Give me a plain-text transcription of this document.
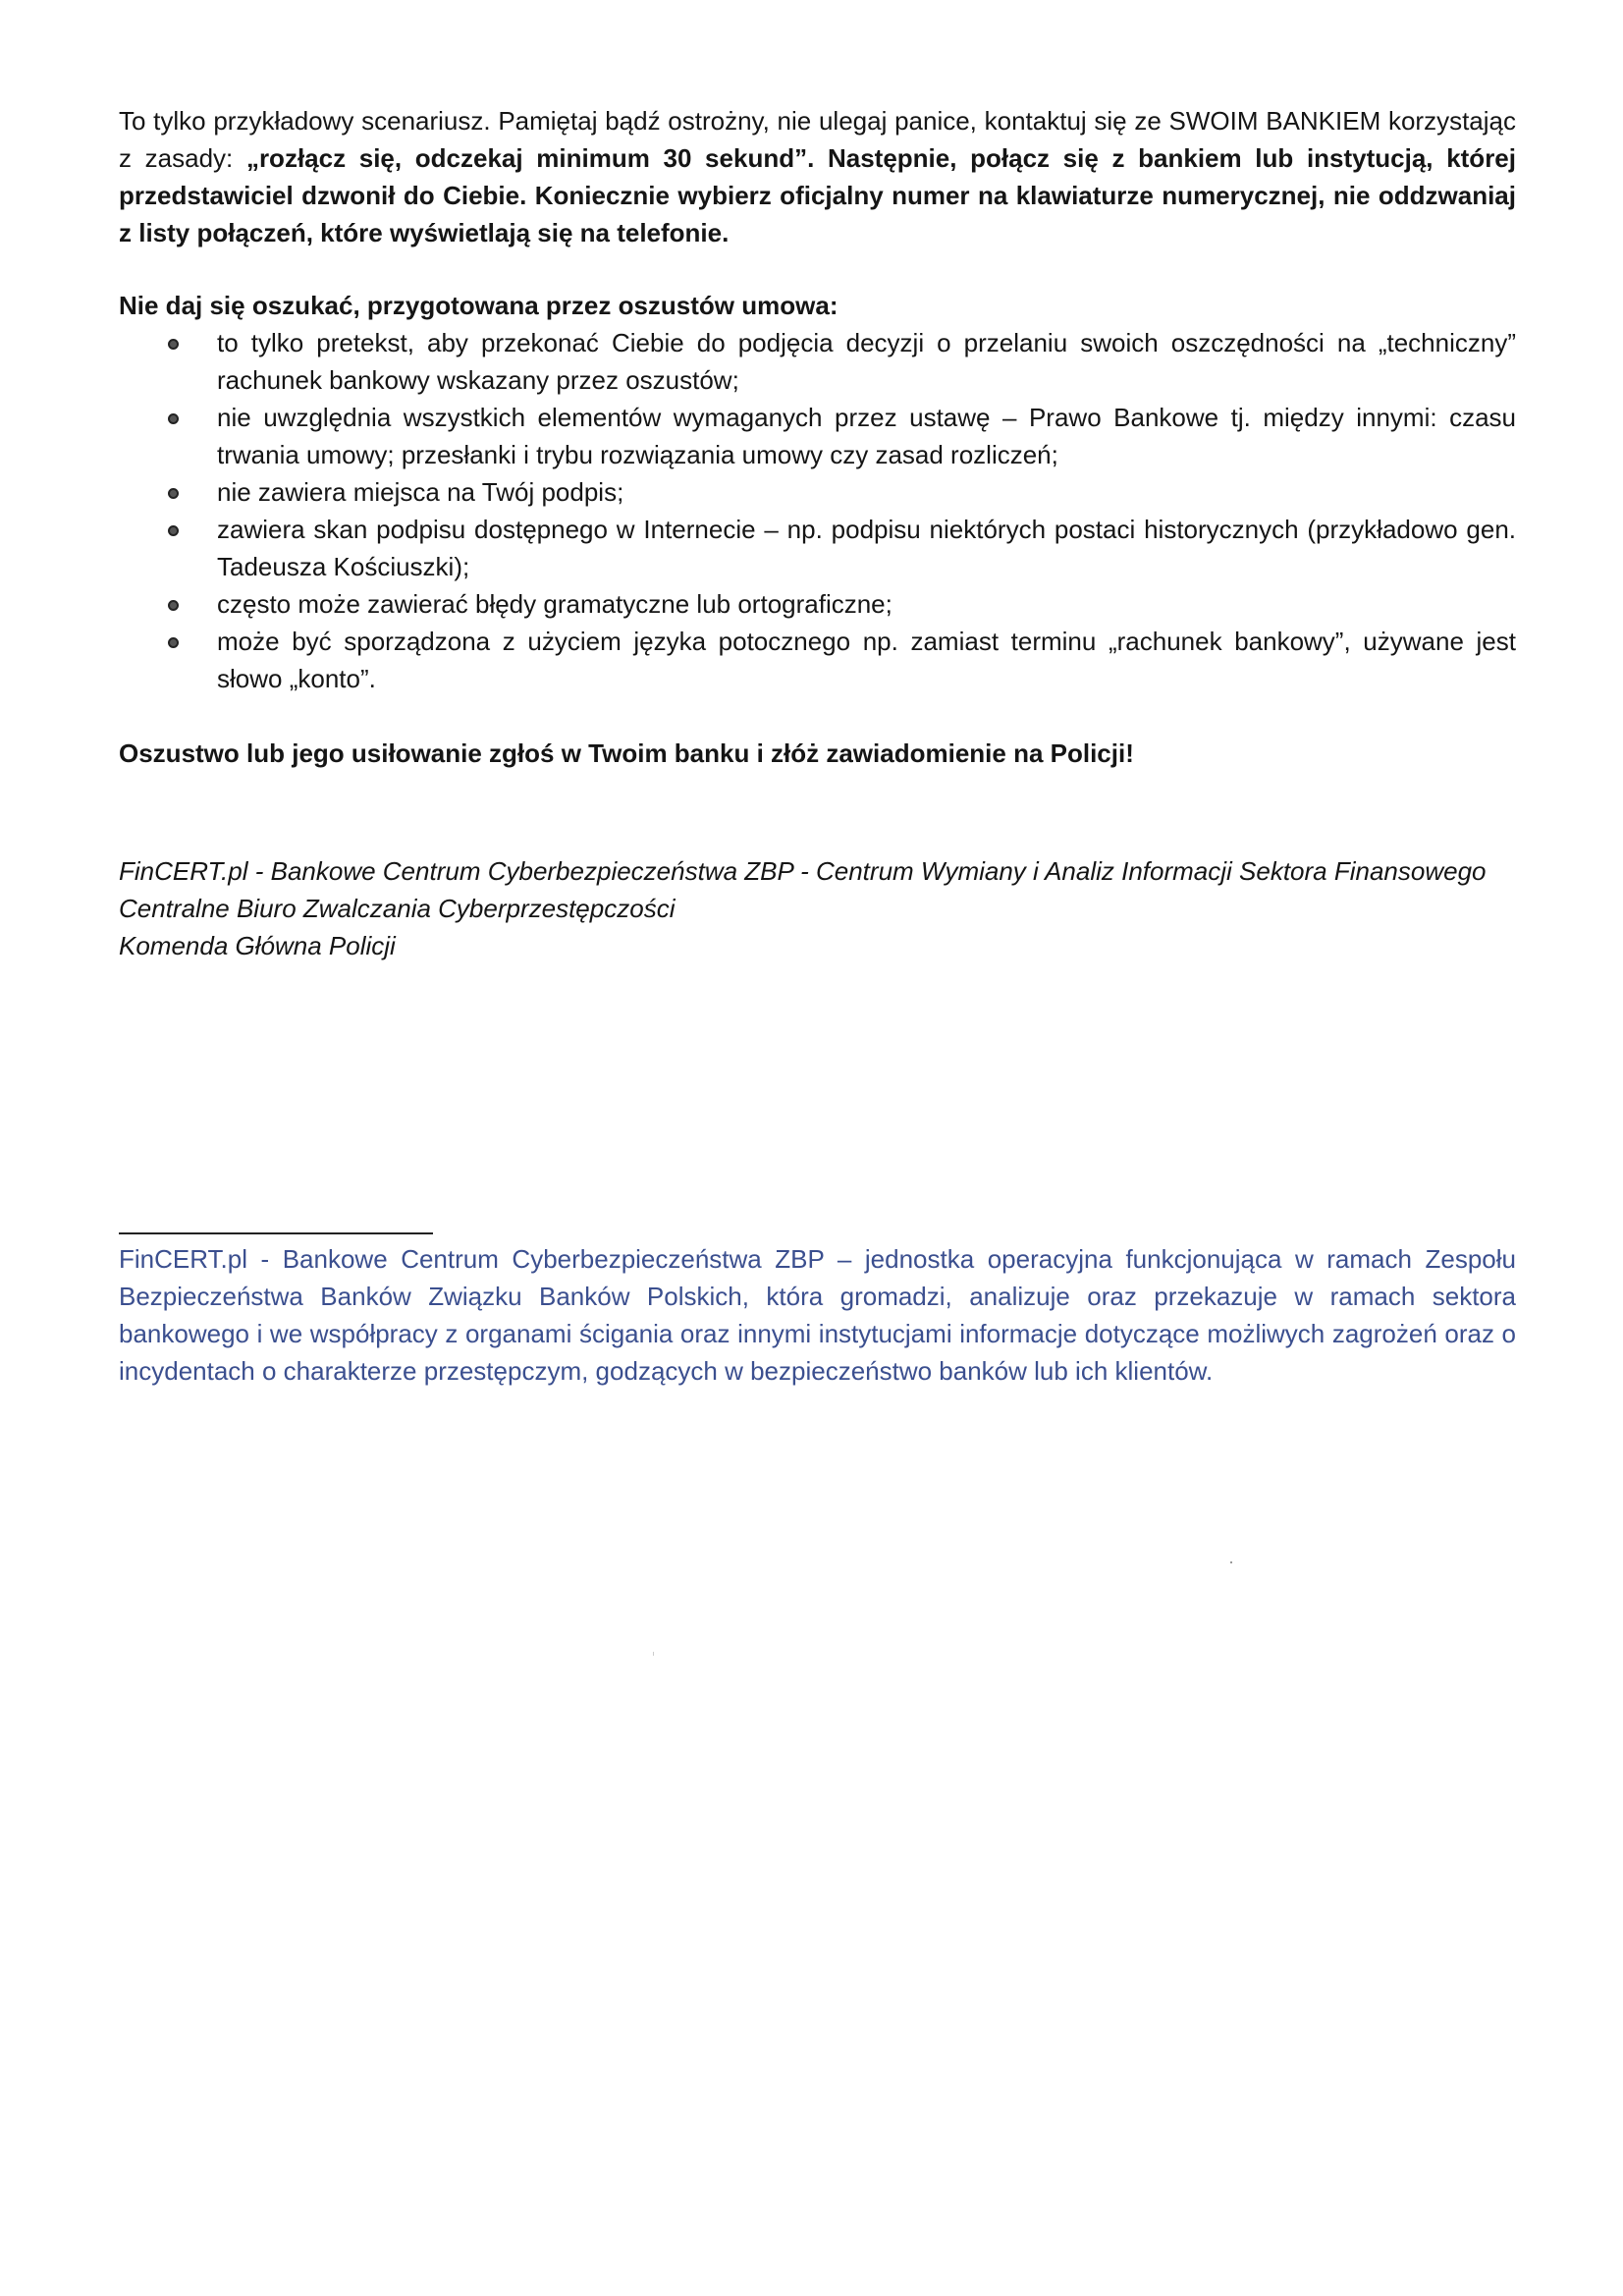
To tylko przykładowy scenariusz. Pamiętaj bądź ostrożny, nie ulegaj panice, kontaktuj się ze SWOIM BANKIEM korzystając z zasady: „rozłącz się, odczekaj minimum 30 sekund”. Następnie, połącz się z bankiem lub instytucją, której przedstawiciel dzwonił do Ciebie. Koniecznie wybierz oficjalny numer na klawiaturze numerycznej, nie oddzwaniaj z listy połączeń, które wyświetlają się na telefonie.

Nie daj się oszukać, przygotowana przez oszustów umowa:

to tylko pretekst, aby przekonać Ciebie do podjęcia decyzji o przelaniu swoich oszczędności na „techniczny” rachunek bankowy wskazany przez oszustów;
nie uwzględnia wszystkich elementów wymaganych przez ustawę – Prawo Bankowe tj. między innymi: czasu trwania umowy; przesłanki i trybu rozwiązania umowy czy zasad rozliczeń;
nie zawiera miejsca na Twój podpis;
zawiera skan podpisu dostępnego w Internecie – np. podpisu niektórych postaci historycznych (przykładowo gen. Tadeusza Kościuszki);
często może zawierać błędy gramatyczne lub ortograficzne;
może być sporządzona z użyciem języka potocznego np. zamiast terminu „rachunek bankowy”, używane jest słowo „konto”.

Oszustwo lub jego usiłowanie zgłoś w Twoim banku i złóż zawiadomienie na Policji!

FinCERT.pl - Bankowe Centrum Cyberbezpieczeństwa ZBP - Centrum Wymiany i Analiz Informacji Sektora Finansowego
Centralne Biuro Zwalczania Cyberprzestępczości
Komenda Główna Policji

FinCERT.pl - Bankowe Centrum Cyberbezpieczeństwa ZBP – jednostka operacyjna funkcjonująca w ramach Zespołu Bezpieczeństwa Banków Związku Banków Polskich, która gromadzi, analizuje oraz przekazuje w ramach sektora bankowego i we współpracy z organami ścigania oraz innymi instytucjami informacje dotyczące możliwych zagrożeń oraz o incydentach o charakterze przestępczym, godzących w bezpieczeństwo banków lub ich klientów.
